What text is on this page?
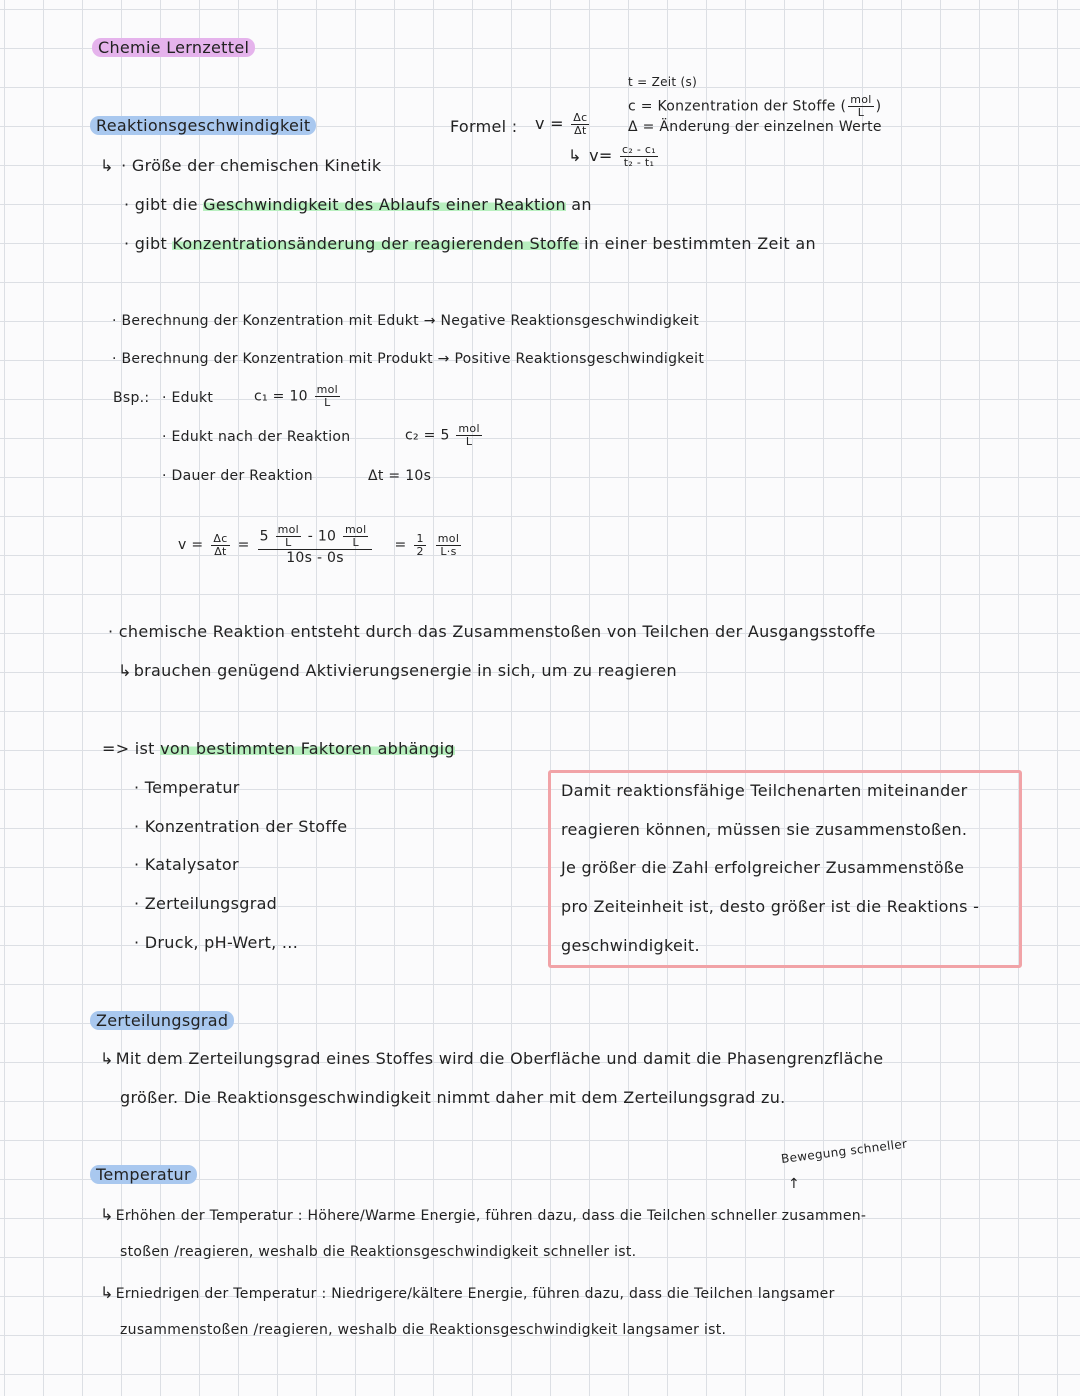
Chemie Lernzettel
Reaktionsgeschwindigkeit	Formel : $v = \frac{\Delta c}{\Delta t}$
↳ $v= \frac{\text{c₂ - c₁}}{\text{t₂ - t₁}}$
t = Zeit (s)
c = Konzentration der Stoffe ( $\frac{\text{mol}}{L}$ )
Δ = Änderung der einzelnen Werte
↳ · Größe der chemischen Kinetik
· gibt die Geschwindigkeit des Ablaufs einer Reaktion an
· gibt Konzentrationsänderung der reagierenden Stoffe in einer bestimmten Zeit an
· Berechnung der Konzentration mit Edukt → Negative Reaktionsgeschwindigkeit
· Berechnung der Konzentration mit Produkt → Positive Reaktionsgeschwindigkeit
Bsp.: · Edukt	$c_1 = 10 \frac{\text{mol}}{L}$
· Edukt nach der Reaktion	$c_2 = 5 \frac{\text{mol}}{L}$
· Dauer der Reaktion	Δt = 10s
$v = \frac{\Delta c}{\Delta t} = \frac{5 \frac{\text{mol}}{L} - 10 \frac{\text{mol}}{L}}{10s - 0s} = \frac{1}{2} \frac{\text{mol}}{L\cdot s}$
· chemische Reaktion entsteht durch das Zusammenstoßen von Teilchen der Ausgangsstoffe
↳ brauchen genügend Aktivierungsenergie in sich, um zu reagieren
=> ist von bestimmten Faktoren abhängig
· Temperatur
· Konzentration der Stoffe
· Katalysator
· Zerteilungsgrad
· Druck, pH-Wert, ...
Damit reaktionsfähige Teilchenarten miteinander
reagieren können, müssen sie zusammenstoßen.
Je größer die Zahl erfolgreicher Zusammenstöße
pro Zeiteinheit ist, desto größer ist die Reaktions -
geschwindigkeit.
Zerteilungsgrad
↳ Mit dem Zerteilungsgrad eines Stoffes wird die Oberfläche und damit die Phasengrenzfläche
größer. Die Reaktionsgeschwindigkeit nimmt daher mit dem Zerteilungsgrad zu.
Temperatur
Bewegung schneller
↑
↳ Erhöhen der Temperatur : Höhere/Warme Energie, führen dazu, dass die Teilchen schneller zusammen-
stoßen /reagieren, weshalb die Reaktionsgeschwindigkeit schneller ist.
↳ Erniedrigen der Temperatur : Niedrigere/kältere Energie, führen dazu, dass die Teilchen langsamer
zusammenstoßen /reagieren, weshalb die Reaktionsgeschwindigkeit langsamer ist.
